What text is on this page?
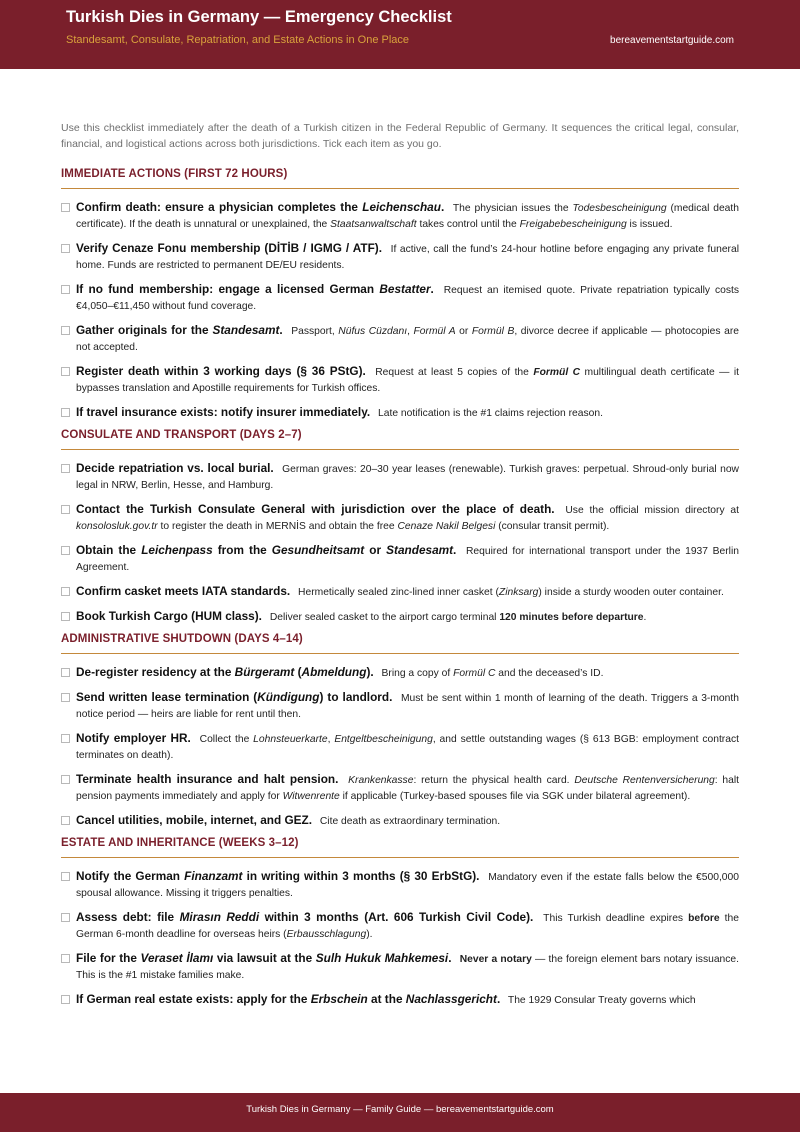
Turkish Dies in Germany — Emergency Checklist
Standesamt, Consulate, Repatriation, and Estate Actions in One Place	bereavementstartguide.com
Use this checklist immediately after the death of a Turkish citizen in the Federal Republic of Germany. It sequences the critical legal, consular, financial, and logistical actions across both jurisdictions. Tick each item as you go.
IMMEDIATE ACTIONS (FIRST 72 HOURS)
Confirm death: ensure a physician completes the Leichenschau. The physician issues the Todesbescheinigung (medical death certificate). If the death is unnatural or unexplained, the Staatsanwaltschaft takes control until the Freigabebescheinigung is issued.
Verify Cenaze Fonu membership (DİTİB / IGMG / ATF). If active, call the fund’s 24-hour hotline before engaging any private funeral home. Funds are restricted to permanent DE/EU residents.
If no fund membership: engage a licensed German Bestatter. Request an itemised quote. Private repatriation typically costs €4,050–€11,450 without fund coverage.
Gather originals for the Standesamt. Passport, Nüfus Cüzdanı, Formül A or Formül B, divorce decree if applicable — photocopies are not accepted.
Register death within 3 working days (§ 36 PStG). Request at least 5 copies of the Formül C multilingual death certificate — it bypasses translation and Apostille requirements for Turkish offices.
If travel insurance exists: notify insurer immediately. Late notification is the #1 claims rejection reason.
CONSULATE AND TRANSPORT (DAYS 2–7)
Decide repatriation vs. local burial. German graves: 20–30 year leases (renewable). Turkish graves: perpetual. Shroud-only burial now legal in NRW, Berlin, Hesse, and Hamburg.
Contact the Turkish Consulate General with jurisdiction over the place of death. Use the official mission directory at konsolosluk.gov.tr to register the death in MERNİS and obtain the free Cenaze Nakil Belgesi (consular transit permit).
Obtain the Leichenpass from the Gesundheitsamt or Standesamt. Required for international transport under the 1937 Berlin Agreement.
Confirm casket meets IATA standards. Hermetically sealed zinc-lined inner casket (Zinksarg) inside a sturdy wooden outer container.
Book Turkish Cargo (HUM class). Deliver sealed casket to the airport cargo terminal 120 minutes before departure.
ADMINISTRATIVE SHUTDOWN (DAYS 4–14)
De-register residency at the Bürgeramt (Abmeldung). Bring a copy of Formül C and the deceased’s ID.
Send written lease termination (Kündigung) to landlord. Must be sent within 1 month of learning of the death. Triggers a 3-month notice period — heirs are liable for rent until then.
Notify employer HR. Collect the Lohnsteuerkarte, Entgeltbescheinigung, and settle outstanding wages (§ 613 BGB: employment contract terminates on death).
Terminate health insurance and halt pension. Krankenkasse: return the physical health card. Deutsche Rentenversicherung: halt pension payments immediately and apply for Witwenrente if applicable (Turkey-based spouses file via SGK under bilateral agreement).
Cancel utilities, mobile, internet, and GEZ. Cite death as extraordinary termination.
ESTATE AND INHERITANCE (WEEKS 3–12)
Notify the German Finanzamt in writing within 3 months (§ 30 ErbStG). Mandatory even if the estate falls below the €500,000 spousal allowance. Missing it triggers penalties.
Assess debt: file Mirasın Reddi within 3 months (Art. 606 Turkish Civil Code). This Turkish deadline expires before the German 6-month deadline for overseas heirs (Erbausschlagung).
File for the Veraset İlamı via lawsuit at the Sulh Hukuk Mahkemesi. Never a notary — the foreign element bars notary issuance. This is the #1 mistake families make.
If German real estate exists: apply for the Erbschein at the Nachlassgericht. The 1929 Consular Treaty governs which
Turkish Dies in Germany — Family Guide — bereavementstartguide.com
